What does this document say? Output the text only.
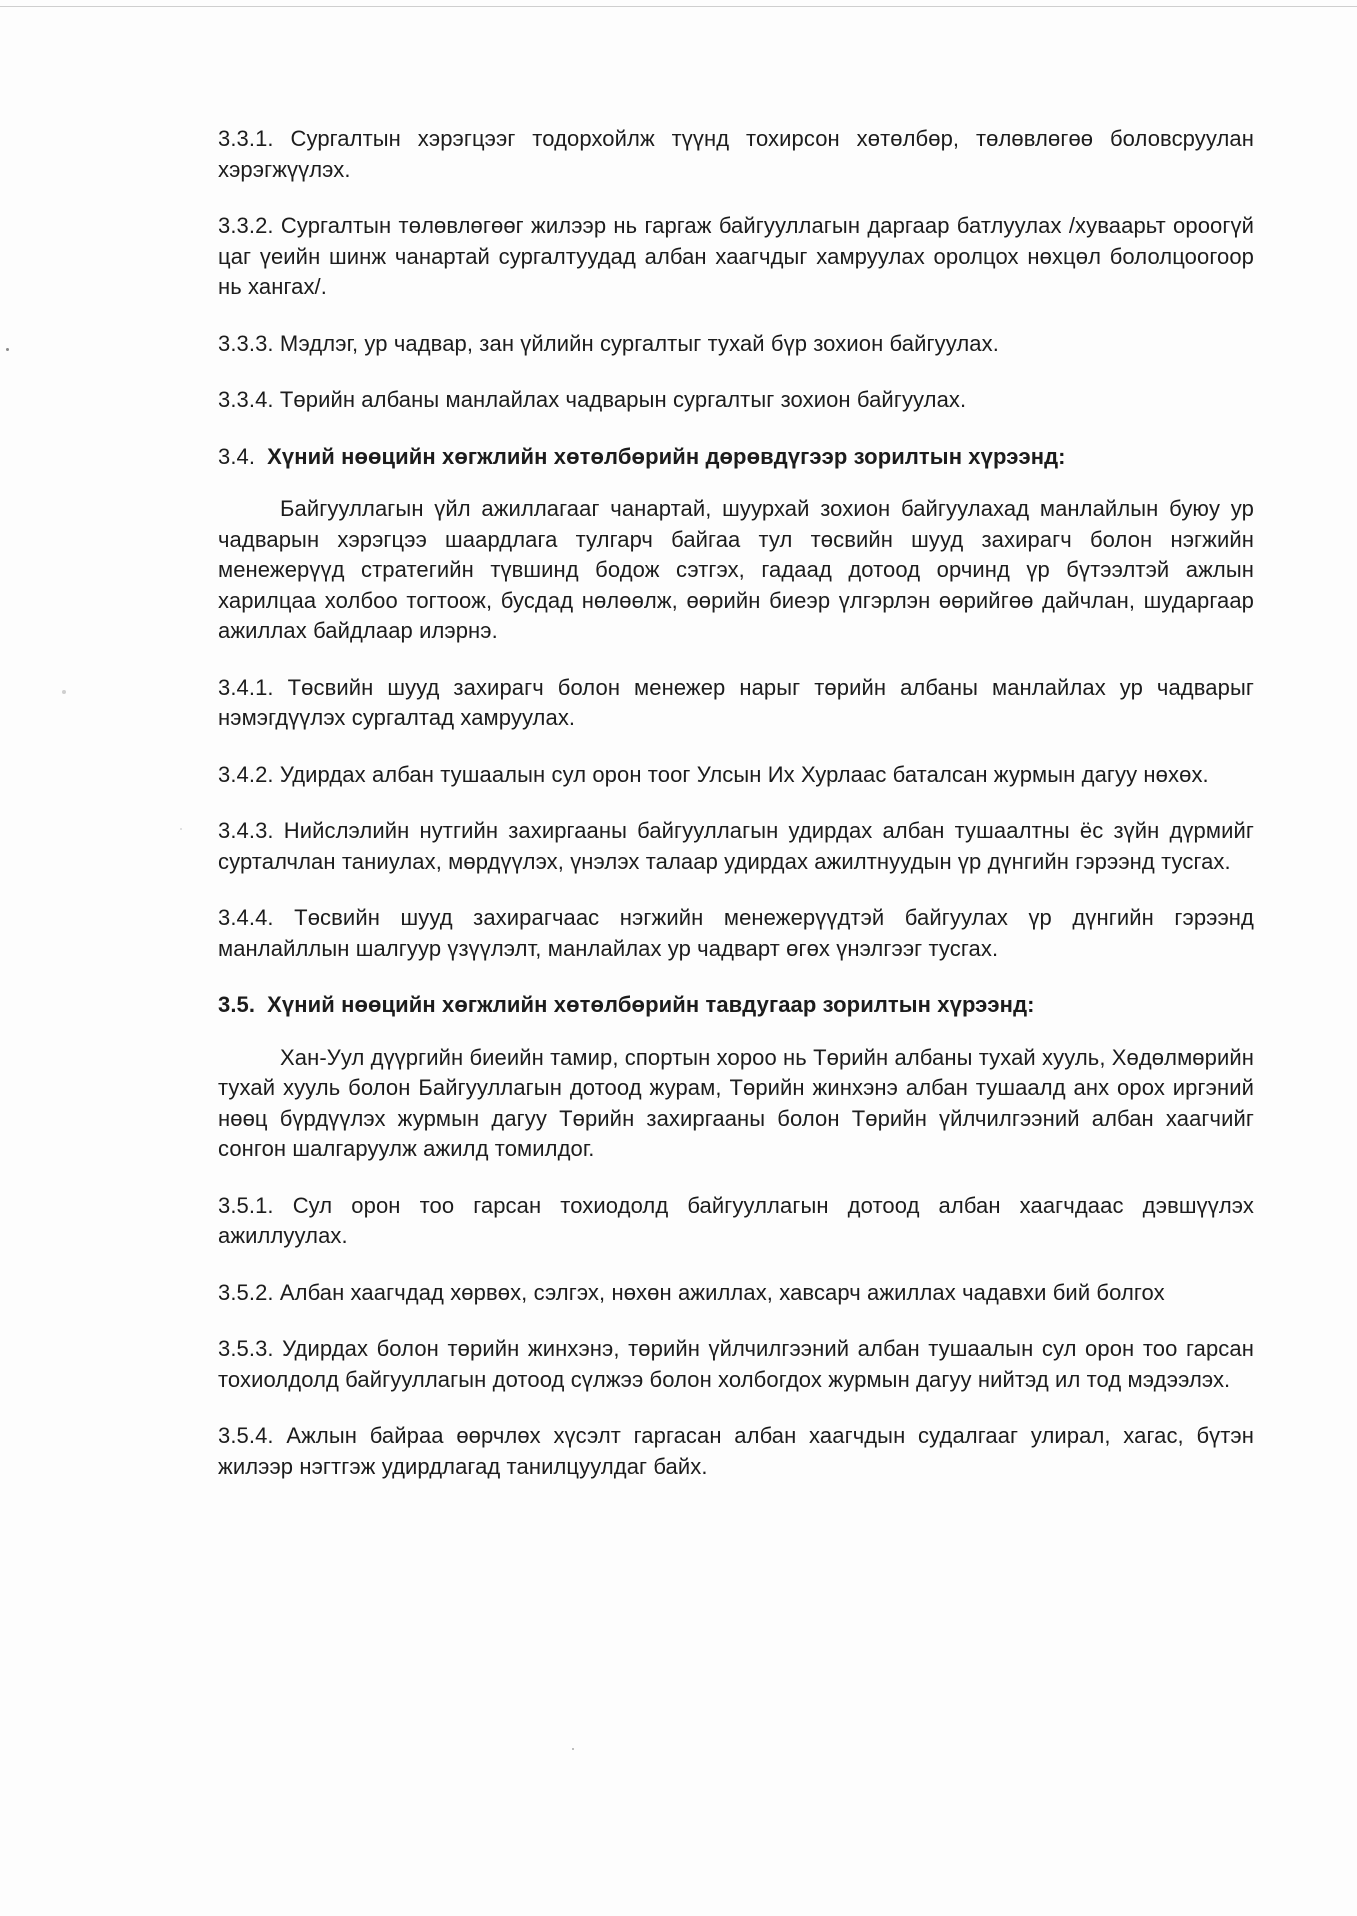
3.3.1. Сургалтын хэрэгцээг тодорхойлж түүнд тохирсон хөтөлбөр, төлөвлөгөө боловсруулан хэрэгжүүлэх.

3.3.2. Сургалтын төлөвлөгөөг жилээр нь гаргаж байгууллагын даргаар батлуулах /хуваарьт ороогүй цаг үеийн шинж чанартай сургалтуудад албан хаагчдыг хамруулах оролцох нөхцөл бололцоогоор нь хангах/.

3.3.3. Мэдлэг, ур чадвар, зан үйлийн сургалтыг тухай бүр зохион байгуулах.

3.3.4. Төрийн албаны манлайлах чадварын сургалтыг зохион байгуулах.

3.4. Хүний нөөцийн хөгжлийн хөтөлбөрийн дөрөвдүгээр зорилтын хүрээнд:

Байгууллагын үйл ажиллагааг чанартай, шуурхай зохион байгуулахад манлайлын буюу ур чадварын хэрэгцээ шаардлага тулгарч байгаа тул төсвийн шууд захирагч болон нэгжийн менежерүүд стратегийн түвшинд бодож сэтгэх, гадаад дотоод орчинд үр бүтээлтэй ажлын харилцаа холбоо тогтоож, бусдад нөлөөлж, өөрийн биеэр үлгэрлэн өөрийгөө дайчлан, шударгаар ажиллах байдлаар илэрнэ.

3.4.1. Төсвийн шууд захирагч болон менежер нарыг төрийн албаны манлайлах ур чадварыг нэмэгдүүлэх сургалтад хамруулах.

3.4.2. Удирдах албан тушаалын сул орон тоог Улсын Их Хурлаас баталсан журмын дагуу нөхөх.

3.4.3. Нийслэлийн нутгийн захиргааны байгууллагын удирдах албан тушаалтны ёс зүйн дүрмийг сурталчлан таниулах, мөрдүүлэх, үнэлэх талаар удирдах ажилтнуудын үр дүнгийн гэрээнд тусгах.

3.4.4. Төсвийн шууд захирагчаас нэгжийн менежерүүдтэй байгуулах үр дүнгийн гэрээнд манлайллын шалгуур үзүүлэлт, манлайлах ур чадварт өгөх үнэлгээг тусгах.

3.5. Хүний нөөцийн хөгжлийн хөтөлбөрийн тавдугаар зорилтын хүрээнд:

Хан-Уул дүүргийн биеийн тамир, спортын хороо нь Төрийн албаны тухай хууль, Хөдөлмөрийн тухай хууль болон Байгууллагын дотоод журам, Төрийн жинхэнэ албан тушаалд анх орох иргэний нөөц бүрдүүлэх журмын дагуу Төрийн захиргааны болон Төрийн үйлчилгээний албан хаагчийг сонгон шалгаруулж ажилд томилдог.

3.5.1. Сул орон тоо гарсан тохиодолд байгууллагын дотоод албан хаагчдаас дэвшүүлэх ажиллуулах.

3.5.2. Албан хаагчдад хөрвөх, сэлгэх, нөхөн ажиллах, хавсарч ажиллах чадавхи бий болгох

3.5.3. Удирдах болон төрийн жинхэнэ, төрийн үйлчилгээний албан тушаалын сул орон тоо гарсан тохиолдолд байгууллагын дотоод сүлжээ болон холбогдох журмын дагуу нийтэд ил тод мэдээлэх.

3.5.4. Ажлын байраа өөрчлөх хүсэлт гаргасан албан хаагчдын судалгааг улирал, хагас, бүтэн жилээр нэгтгэж удирдлагад танилцуулдаг байх.
